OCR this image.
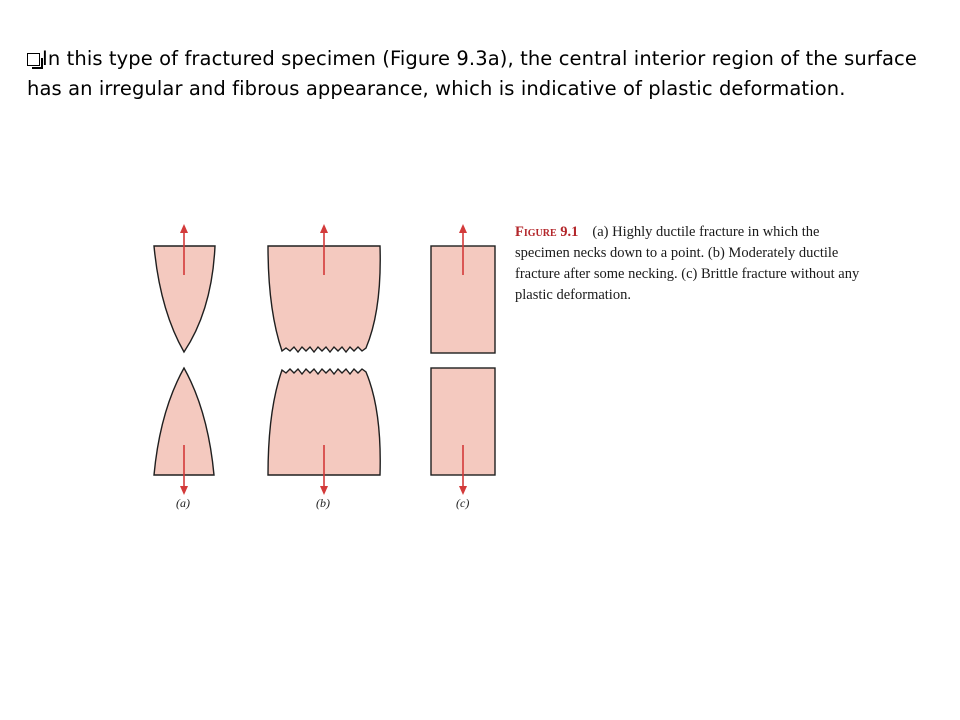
In this type of fractured specimen (Figure 9.3a), the central interior region of the surface has an irregular and fibrous appearance, which is indicative of plastic deformation.
(a)	(b)	(c)
Figure 9.1 (a) Highly ductile fracture in which the specimen necks down to a point. (b) Moderately ductile fracture after some necking. (c) Brittle fracture without any plastic deformation.
